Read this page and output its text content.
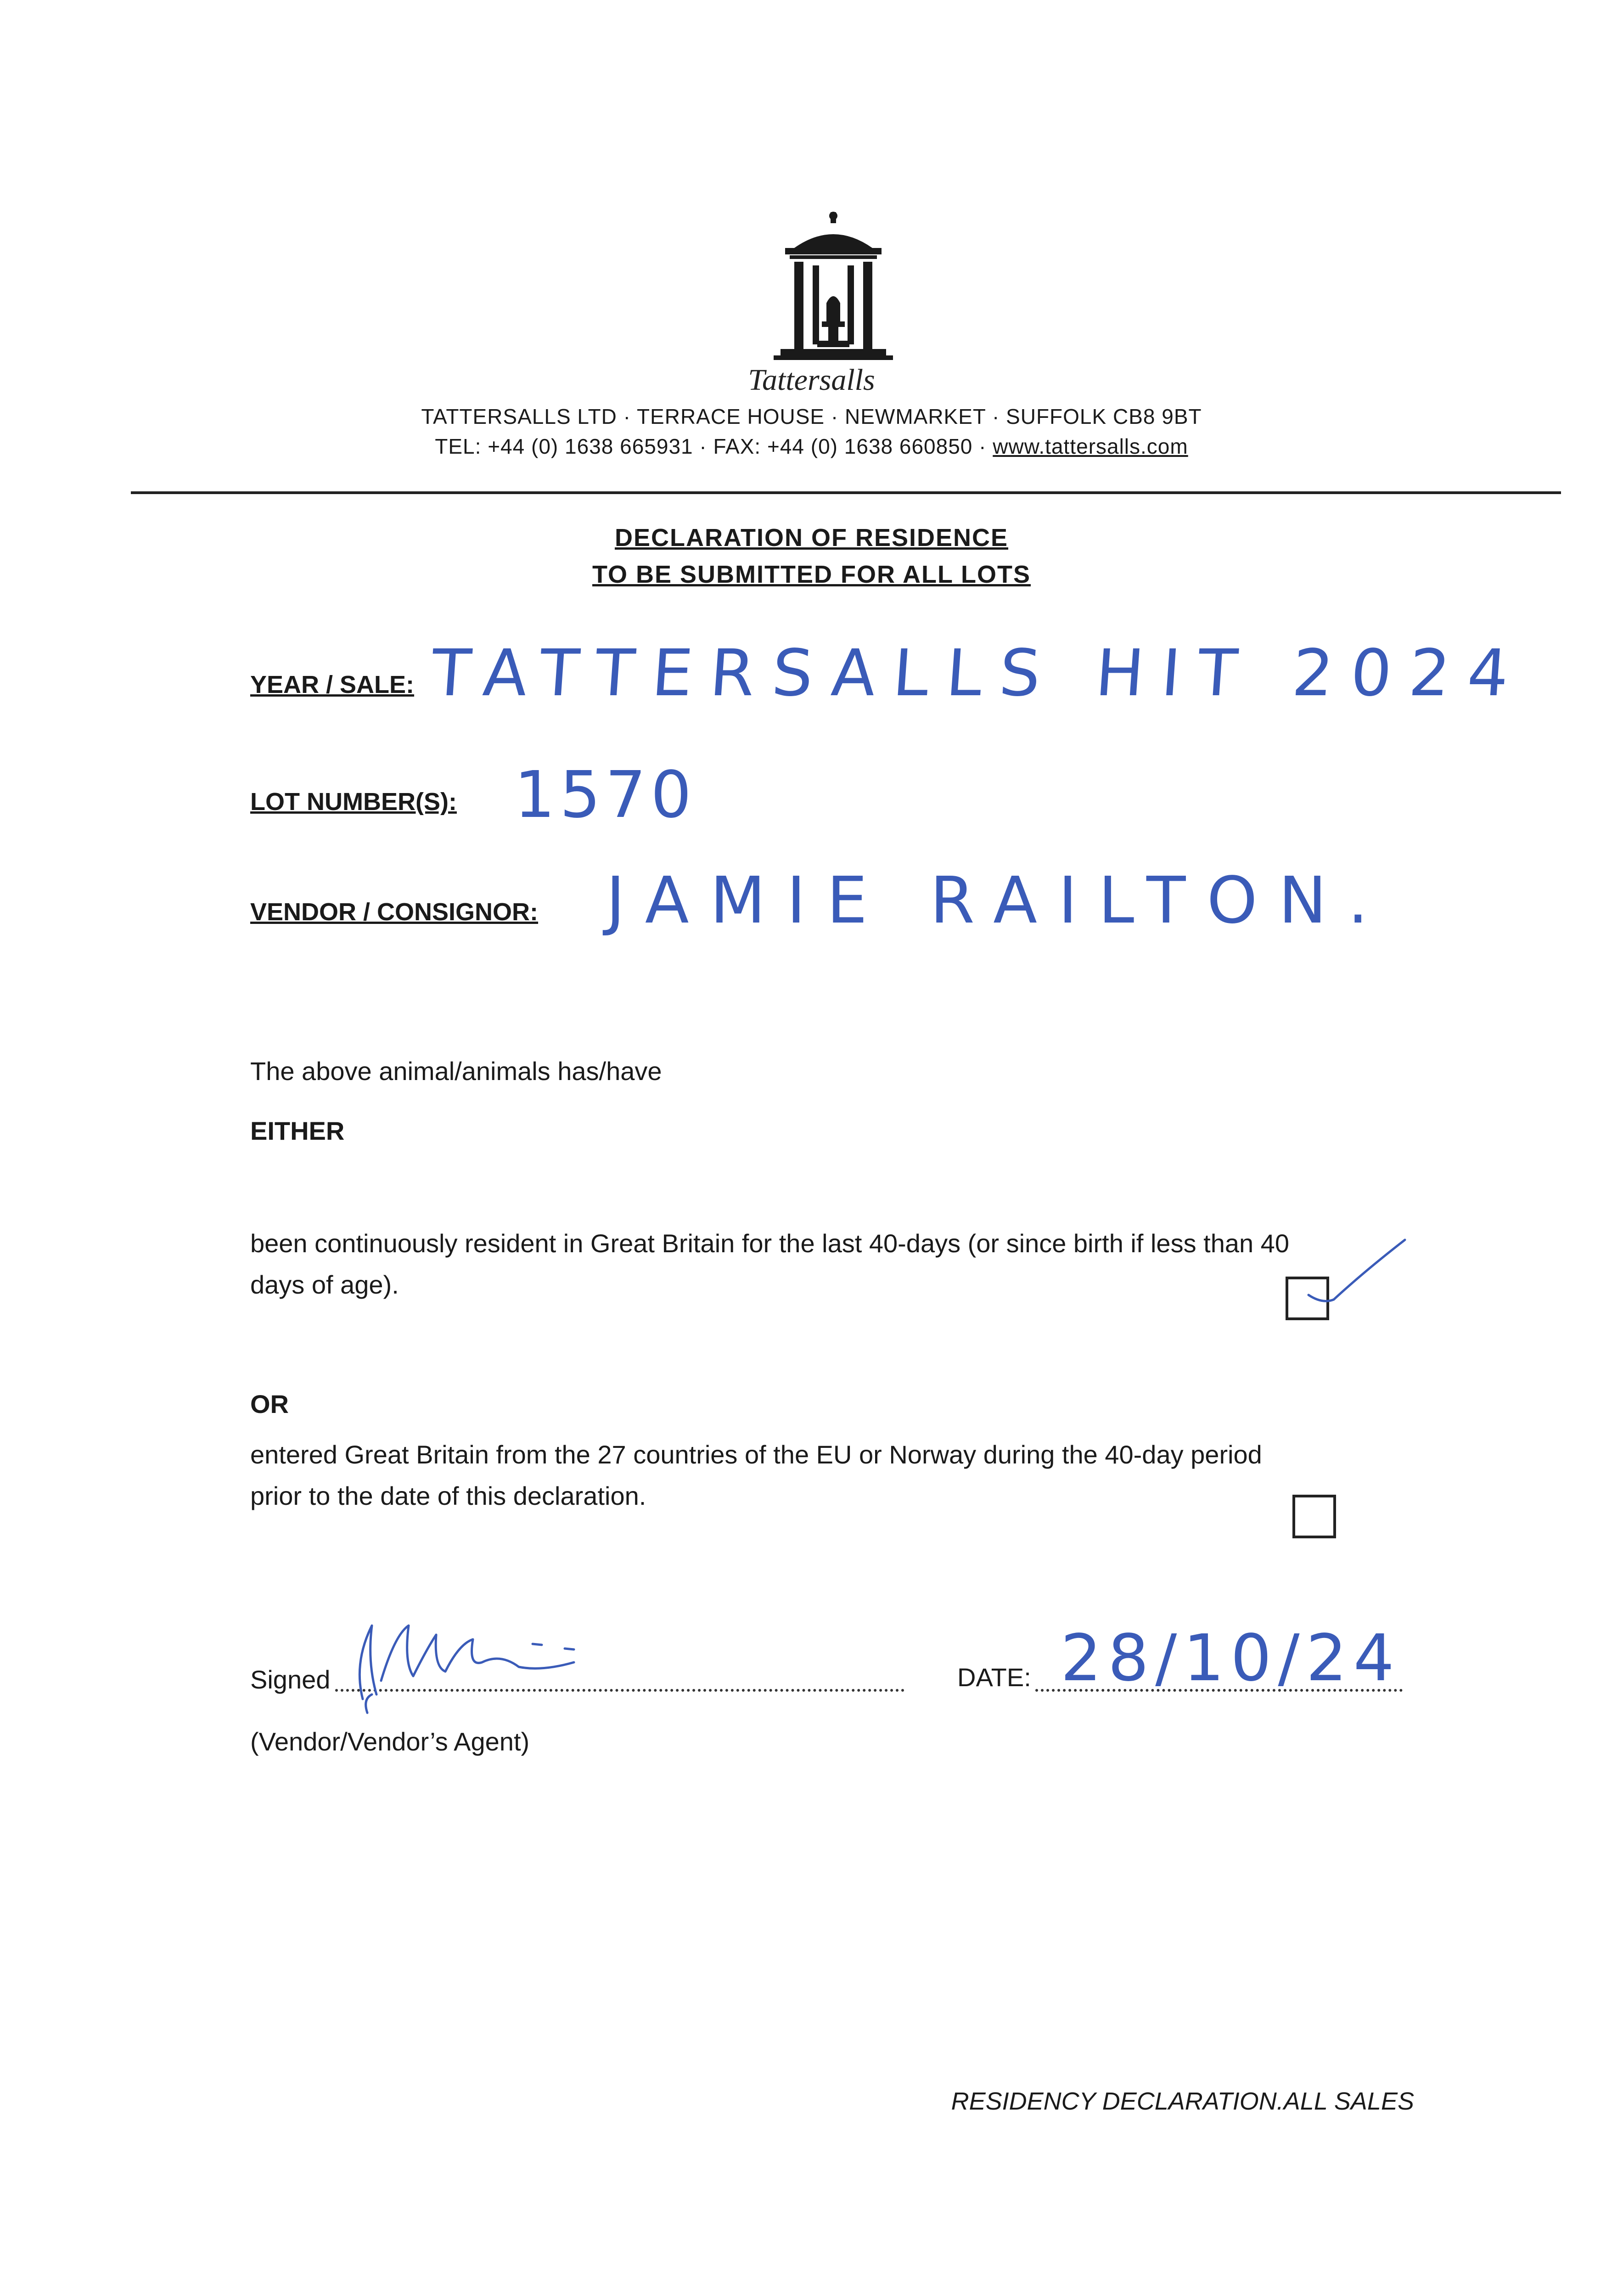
Tattersalls
TATTERSALLS LTD · TERRACE HOUSE · NEWMARKET · SUFFOLK CB8 9BT
TEL: +44 (0) 1638 665931 · FAX: +44 (0) 1638 660850 · www.tattersalls.com
DECLARATION OF RESIDENCE
TO BE SUBMITTED FOR ALL LOTS
YEAR / SALE: TATTERSALLS HIT 2024
LOT NUMBER(S): 1570
VENDOR / CONSIGNOR: JAMIE RAILTON.
The above animal/animals has/have
EITHER
been continuously resident in Great Britain for the last 40-days (or since birth if less than 40
days of age).
OR
entered Great Britain from the 27 countries of the EU or Norway during the 40-day period
prior to the date of this declaration.
Signed
(Vendor/Vendor’s Agent)
DATE: 28/10/24
RESIDENCY DECLARATION.ALL SALES
